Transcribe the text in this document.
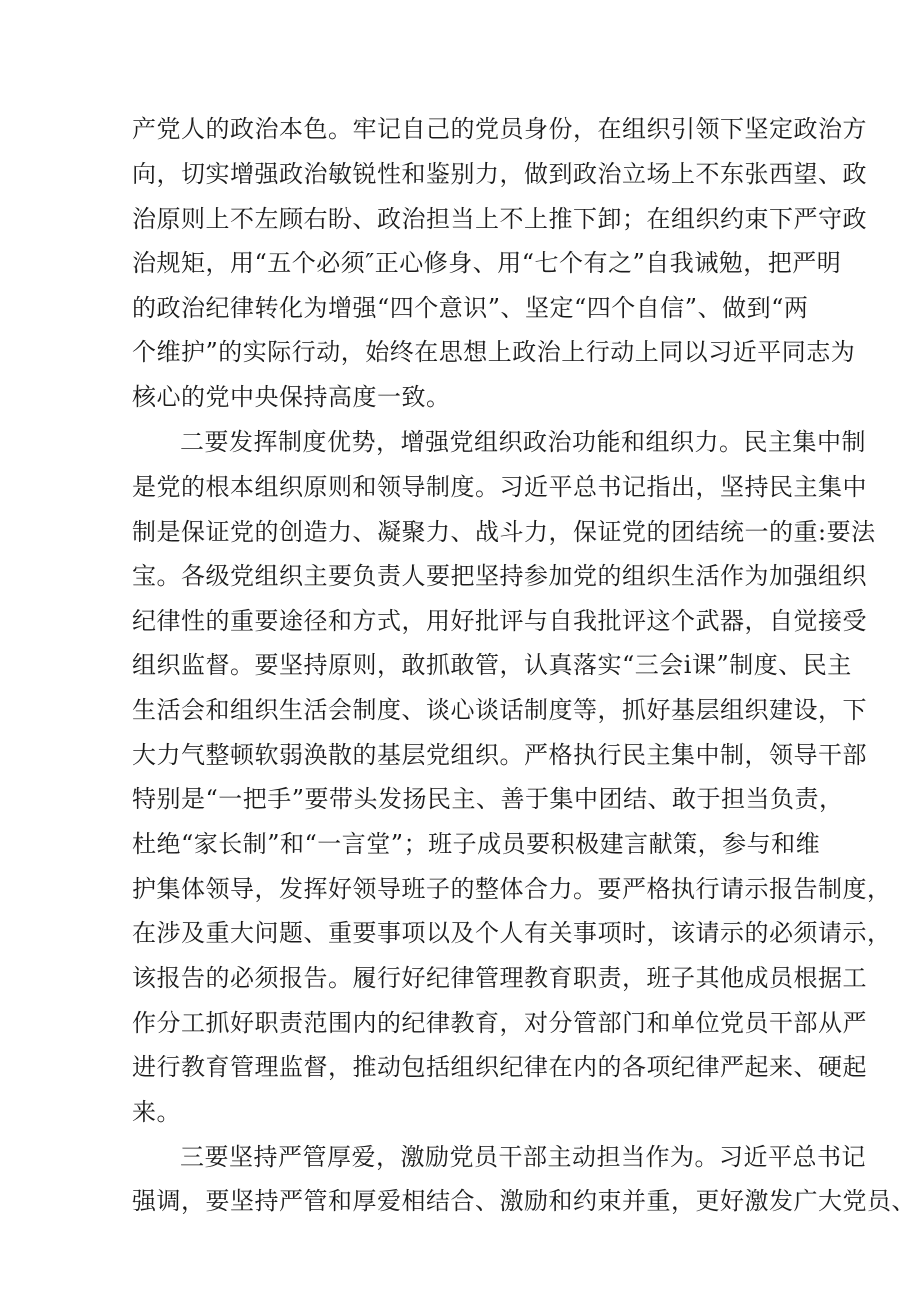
产党人的政治本色。牢记自己的党员身份，在组织引领下坚定政治方

向，切实增强政治敏锐性和鉴别力，做到政治立场上不东张西望、政

治原则上不左顾右盼、政治担当上不上推下卸；在组织约束下严守政

治规矩，用“五个必须″正心修身、用“七个有之”自我诫勉，把严明

的政治纪律转化为增强“四个意识”、坚定“四个自信”、做到“两

个维护”的实际行动，始终在思想上政治上行动上同以习近平同志为

核心的党中央保持高度一致。

二要发挥制度优势，增强党组织政治功能和组织力。民主集中制

是党的根本组织原则和领导制度。习近平总书记指出，坚持民主集中

制是保证党的创造力、凝聚力、战斗力，保证党的团结统一的重:要法

宝。各级党组织主要负责人要把坚持参加党的组织生活作为加强组织

纪律性的重要途径和方式，用好批评与自我批评这个武器，自觉接受

组织监督。要坚持原则，敢抓敢管，认真落实“三会i课”制度、民主

生活会和组织生活会制度、谈心谈话制度等，抓好基层组织建设，下

大力气整顿软弱涣散的基层党组织。严格执行民主集中制，领导干部

特别是“一把手”要带头发扬民主、善于集中团结、敢于担当负责，

杜绝“家长制”和“一言堂”；班子成员要积极建言献策，参与和维

护集体领导，发挥好领导班子的整体合力。要严格执行请示报告制度，

在涉及重大问题、重要事项以及个人有关事项时，该请示的必须请示，

该报告的必须报告。履行好纪律管理教育职责，班子其他成员根据工

作分工抓好职责范围内的纪律教育，对分管部门和单位党员干部从严

进行教育管理监督，推动包括组织纪律在内的各项纪律严起来、硬起

来。

三要坚持严管厚爱，激励党员干部主动担当作为。习近平总书记

强调，要坚持严管和厚爱相结合、激励和约束并重，更好激发广大党员、
